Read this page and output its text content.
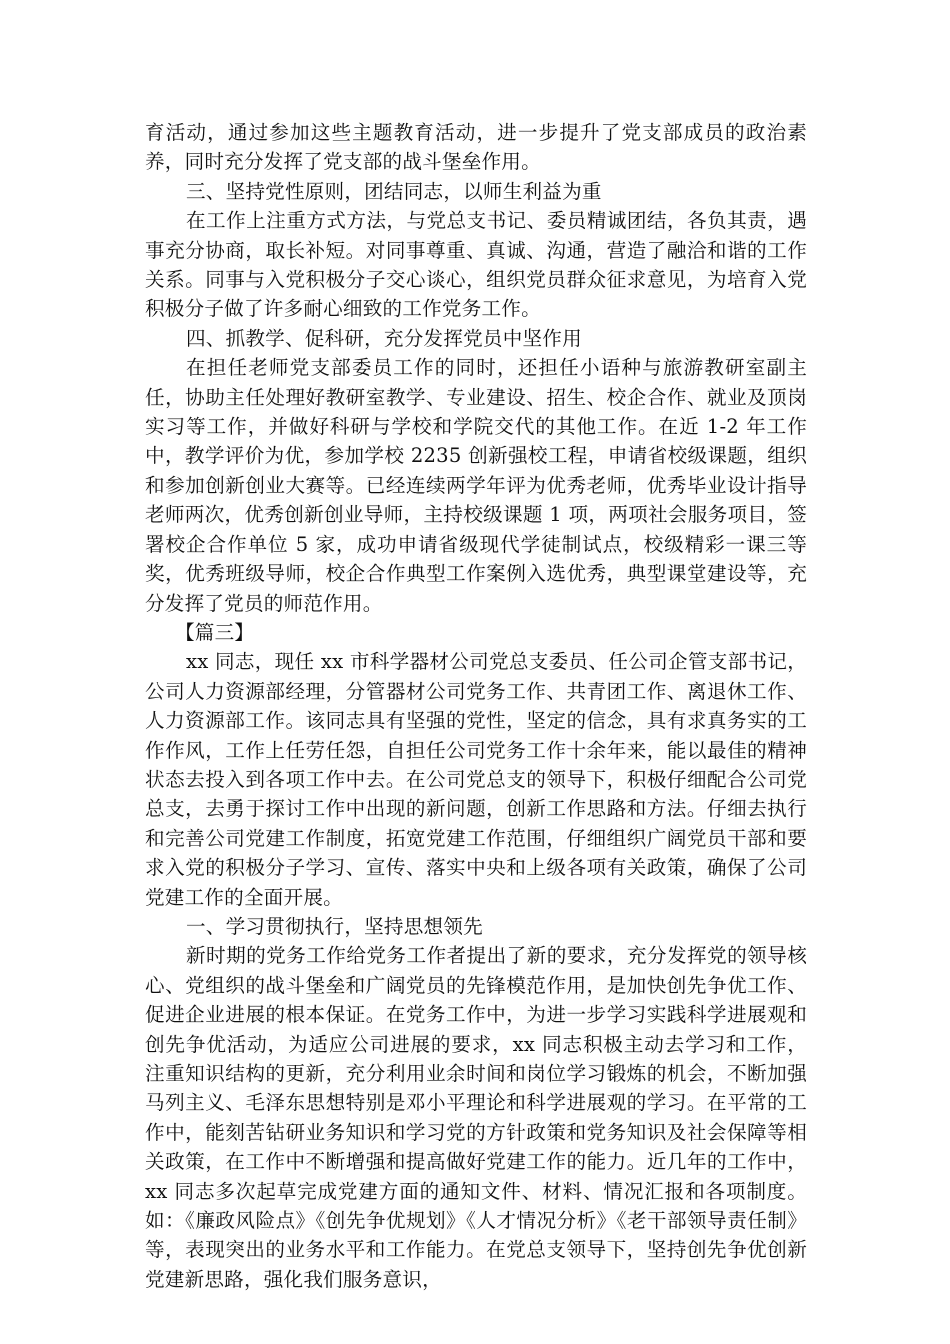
育活动，通过参加这些主题教育活动，进一步提升了党支部成员的政治素养，同时充分发挥了党支部的战斗堡垒作用。

三、坚持党性原则，团结同志，以师生利益为重

在工作上注重方式方法，与党总支书记、委员精诚团结，各负其责，遇事充分协商，取长补短。对同事尊重、真诚、沟通，营造了融洽和谐的工作关系。同事与入党积极分子交心谈心，组织党员群众征求意见，为培育入党积极分子做了许多耐心细致的工作党务工作。

四、抓教学、促科研，充分发挥党员中坚作用

在担任老师党支部委员工作的同时，还担任小语种与旅游教研室副主任，协助主任处理好教研室教学、专业建设、招生、校企合作、就业及顶岗实习等工作，并做好科研与学校和学院交代的其他工作。在近 1-2 年工作中，教学评价为优，参加学校 2235 创新强校工程，申请省校级课题，组织和参加创新创业大赛等。已经连续两学年评为优秀老师，优秀毕业设计指导老师两次，优秀创新创业导师，主持校级课题 1 项，两项社会服务项目，签署校企合作单位 5 家，成功申请省级现代学徒制试点，校级精彩一课三等奖，优秀班级导师，校企合作典型工作案例入选优秀，典型课堂建设等，充分发挥了党员的师范作用。

【篇三】

xx 同志，现任 xx 市科学器材公司党总支委员、任公司企管支部书记，公司人力资源部经理，分管器材公司党务工作、共青团工作、离退休工作、人力资源部工作。该同志具有坚强的党性，坚定的信念，具有求真务实的工作作风，工作上任劳任怨，自担任公司党务工作十余年来，能以最佳的精神状态去投入到各项工作中去。在公司党总支的领导下，积极仔细配合公司党总支，去勇于探讨工作中出现的新问题，创新工作思路和方法。仔细去执行和完善公司党建工作制度，拓宽党建工作范围，仔细组织广阔党员干部和要求入党的积极分子学习、宣传、落实中央和上级各项有关政策，确保了公司党建工作的全面开展。

一、学习贯彻执行，坚持思想领先

新时期的党务工作给党务工作者提出了新的要求，充分发挥党的领导核心、党组织的战斗堡垒和广阔党员的先锋模范作用，是加快创先争优工作、促进企业进展的根本保证。在党务工作中，为进一步学习实践科学进展观和创先争优活动，为适应公司进展的要求，xx 同志积极主动去学习和工作，注重知识结构的更新，充分利用业余时间和岗位学习锻炼的机会，不断加强马列主义、毛泽东思想特别是邓小平理论和科学进展观的学习。在平常的工作中，能刻苦钻研业务知识和学习党的方针政策和党务知识及社会保障等相关政策，在工作中不断增强和提高做好党建工作的能力。近几年的工作中，xx 同志多次起草完成党建方面的通知文件、材料、情况汇报和各项制度。如：《廉政风险点》《创先争优规划》《人才情况分析》《老干部领导责任制》等，表现突出的业务水平和工作能力。在党总支领导下，坚持创先争优创新党建新思路，强化我们服务意识，
